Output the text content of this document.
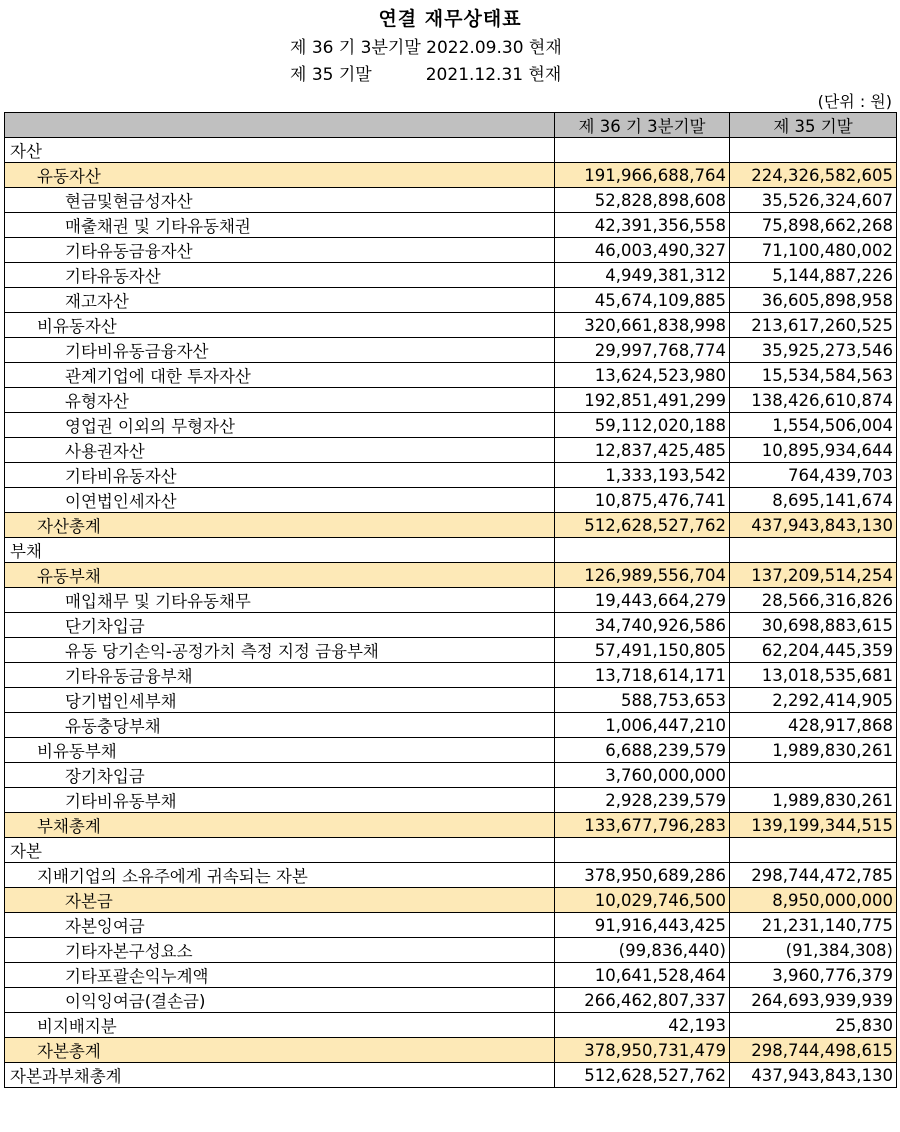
연결 재무상태표
제 36 기 3분기말 2022.09.30 현재
제 35 기말          2021.12.31 현재
(단위 : 원)
	제 36 기 3분기말	제 35 기말
자산		
유동자산	191,966,688,764	224,326,582,605
현금및현금성자산	52,828,898,608	35,526,324,607
매출채권 및 기타유동채권	42,391,356,558	75,898,662,268
기타유동금융자산	46,003,490,327	71,100,480,002
기타유동자산	4,949,381,312	5,144,887,226
재고자산	45,674,109,885	36,605,898,958
비유동자산	320,661,838,998	213,617,260,525
기타비유동금융자산	29,997,768,774	35,925,273,546
관계기업에 대한 투자자산	13,624,523,980	15,534,584,563
유형자산	192,851,491,299	138,426,610,874
영업권 이외의 무형자산	59,112,020,188	1,554,506,004
사용권자산	12,837,425,485	10,895,934,644
기타비유동자산	1,333,193,542	764,439,703
이연법인세자산	10,875,476,741	8,695,141,674
자산총계	512,628,527,762	437,943,843,130
부채		
유동부채	126,989,556,704	137,209,514,254
매입채무 및 기타유동채무	19,443,664,279	28,566,316,826
단기차입금	34,740,926,586	30,698,883,615
유동 당기손익-공정가치 측정 지정 금융부채	57,491,150,805	62,204,445,359
기타유동금융부채	13,718,614,171	13,018,535,681
당기법인세부채	588,753,653	2,292,414,905
유동충당부채	1,006,447,210	428,917,868
비유동부채	6,688,239,579	1,989,830,261
장기차입금	3,760,000,000	
기타비유동부채	2,928,239,579	1,989,830,261
부채총계	133,677,796,283	139,199,344,515
자본		
지배기업의 소유주에게 귀속되는 자본	378,950,689,286	298,744,472,785
자본금	10,029,746,500	8,950,000,000
자본잉여금	91,916,443,425	21,231,140,775
기타자본구성요소	(99,836,440)	(91,384,308)
기타포괄손익누계액	10,641,528,464	3,960,776,379
이익잉여금(결손금)	266,462,807,337	264,693,939,939
비지배지분	42,193	25,830
자본총계	378,950,731,479	298,744,498,615
자본과부채총계	512,628,527,762	437,943,843,130
